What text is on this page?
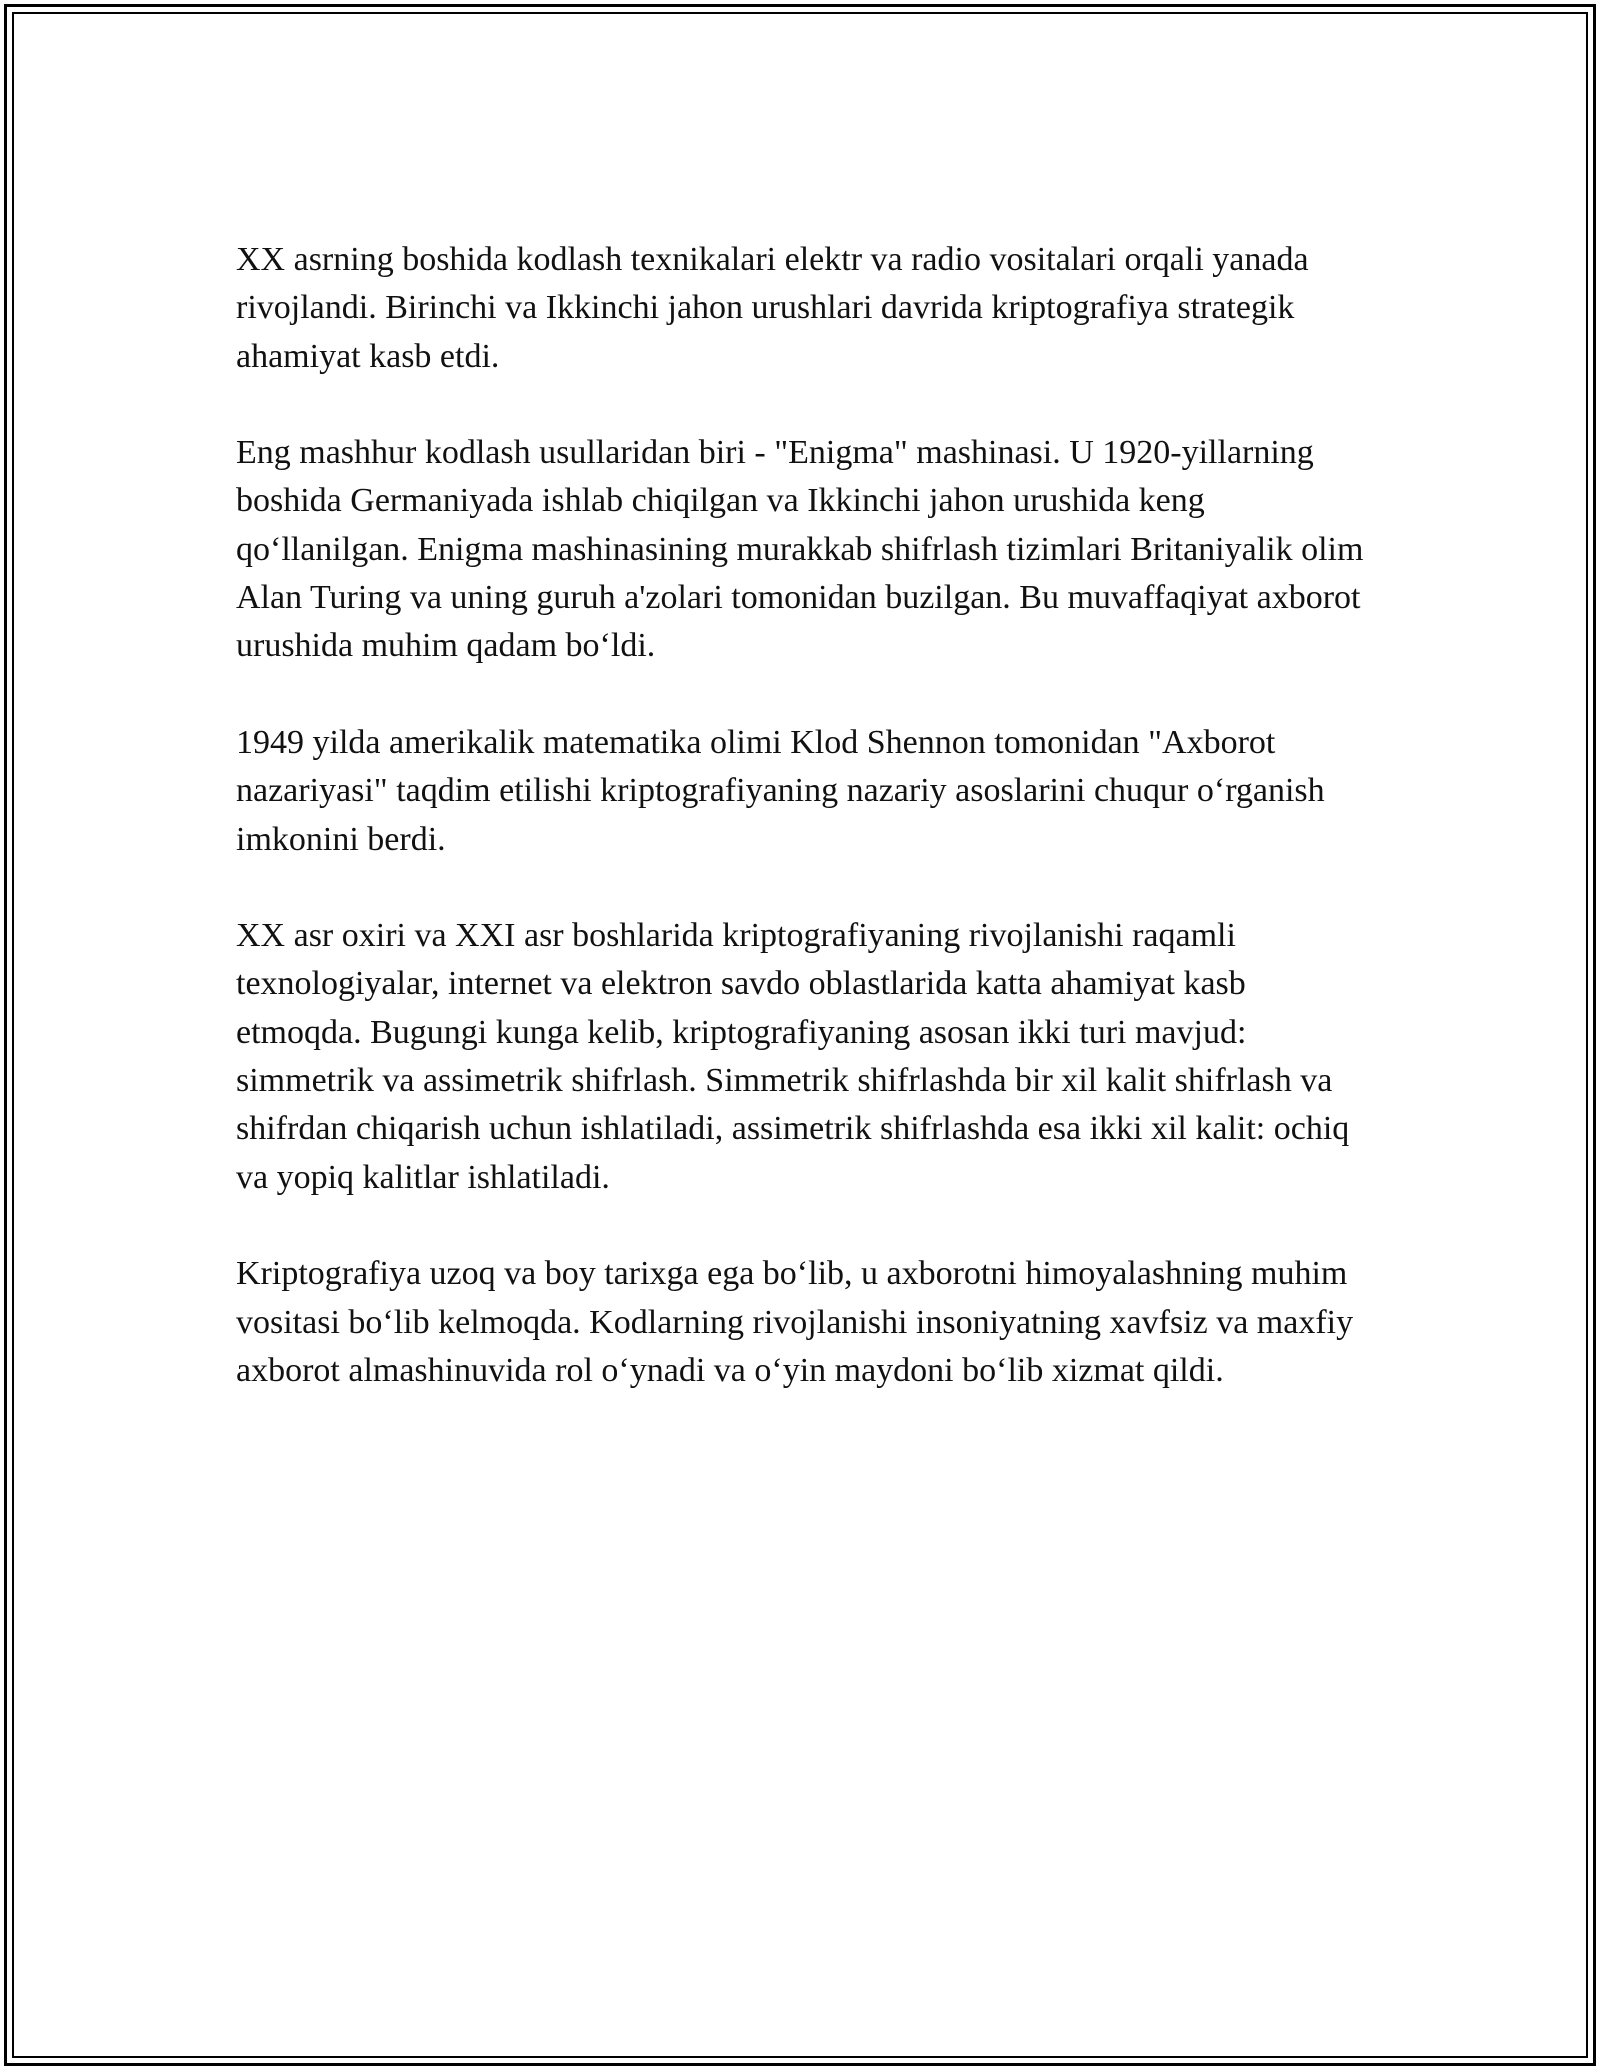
XX asrning boshida kodlash texnikalari elektr va radio vositalari orqali yanada rivojlandi. Birinchi va Ikkinchi jahon urushlari davrida kriptografiya strategik ahamiyat kasb etdi.

Eng mashhur kodlash usullaridan biri - "Enigma" mashinasi. U 1920-yillarning boshida Germaniyada ishlab chiqilgan va Ikkinchi jahon urushida keng qo‘llanilgan. Enigma mashinasining murakkab shifrlash tizimlari Britaniyalik olim Alan Turing va uning guruh a'zolari tomonidan buzilgan. Bu muvaffaqiyat axborot urushida muhim qadam bo‘ldi.

1949 yilda amerikalik matematika olimi Klod Shennon tomonidan "Axborot nazariyasi" taqdim etilishi kriptografiyaning nazariy asoslarini chuqur o‘rganish imkonini berdi.

XX asr oxiri va XXI asr boshlarida kriptografiyaning rivojlanishi raqamli texnologiyalar, internet va elektron savdo oblastlarida katta ahamiyat kasb etmoqda. Bugungi kunga kelib, kriptografiyaning asosan ikki turi mavjud: simmetrik va assimetrik shifrlash. Simmetrik shifrlashda bir xil kalit shifrlash va shifrdan chiqarish uchun ishlatiladi, assimetrik shifrlashda esa ikki xil kalit: ochiq va yopiq kalitlar ishlatiladi.

Kriptografiya uzoq va boy tarixga ega bo‘lib, u axborotni himoyalashning muhim vositasi bo‘lib kelmoqda. Kodlarning rivojlanishi insoniyatning xavfsiz va maxfiy axborot almashinuvida rol o‘ynadi va o‘yin maydoni bo‘lib xizmat qildi.
